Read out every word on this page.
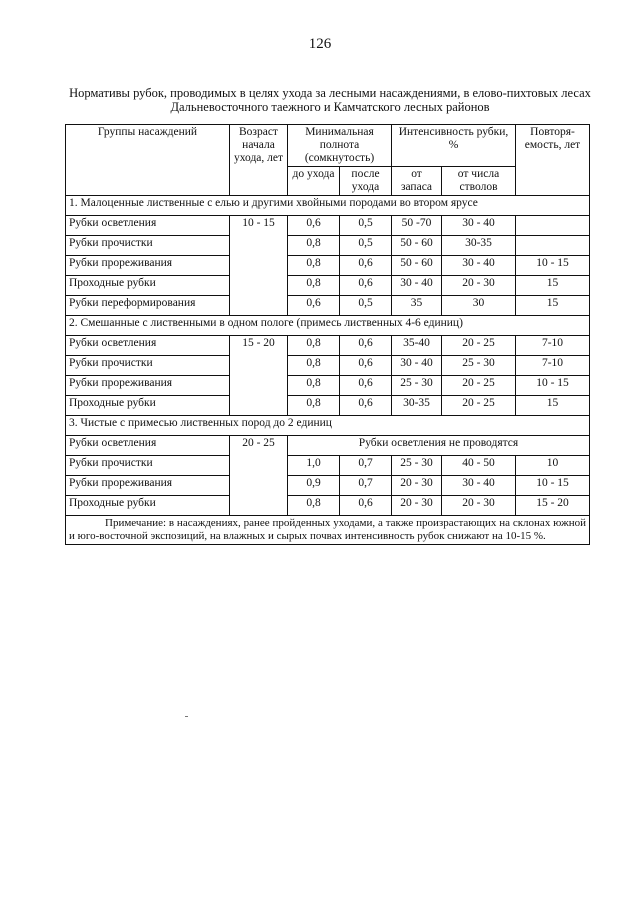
126
Нормативы рубок, проводимых в целях ухода за лесными насаждениями, в елово-пихтовых лесах
Дальневосточного таежного и Камчатского лесных районов
Группы насаждений	Возраст начала ухода, лет	Минимальная полнота (сомкнутость)		Интенсивность рубки, %		Повторя-емость, лет
		до ухода	после ухода	от запаса	от числа стволов	
1. Малоценные лиственные с елью и другими хвойными породами во втором ярусе						
Рубки осветления	10 - 15	0,6	0,5	50 -70	30 - 40	
Рубки прочистки		0,8	0,5	50 - 60	30-35	
Рубки прореживания		0,8	0,6	50 - 60	30 - 40	10 - 15
Проходные рубки		0,8	0,6	30 - 40	20 - 30	15
Рубки переформирования		0,6	0,5	35	30	15
2. Смешанные с лиственными в одном пологе (примесь лиственных 4-6 единиц)						
Рубки осветления	15 - 20	0,8	0,6	35-40	20 - 25	7-10
Рубки прочистки		0,8	0,6	30 - 40	25 - 30	7-10
Рубки прореживания		0,8	0,6	25 - 30	20 - 25	10 - 15
Проходные рубки		0,8	0,6	30-35	20 - 25	15
3. Чистые с примесью лиственных пород до 2 единиц						
Рубки осветления	20 - 25	Рубки осветления не проводятся				
Рубки прочистки		1,0	0,7	25 - 30	40 - 50	10
Рубки прореживания		0,9	0,7	20 - 30	30 - 40	10 - 15
Проходные рубки		0,8	0,6	20 - 30	20 - 30	15 - 20
Примечание: в насаждениях, ранее пройденных уходами, а также произрастающих на склонах южной и юго-восточной экспозиций, на влажных и сырых почвах интенсивность рубок снижают на 10-15 %.						
